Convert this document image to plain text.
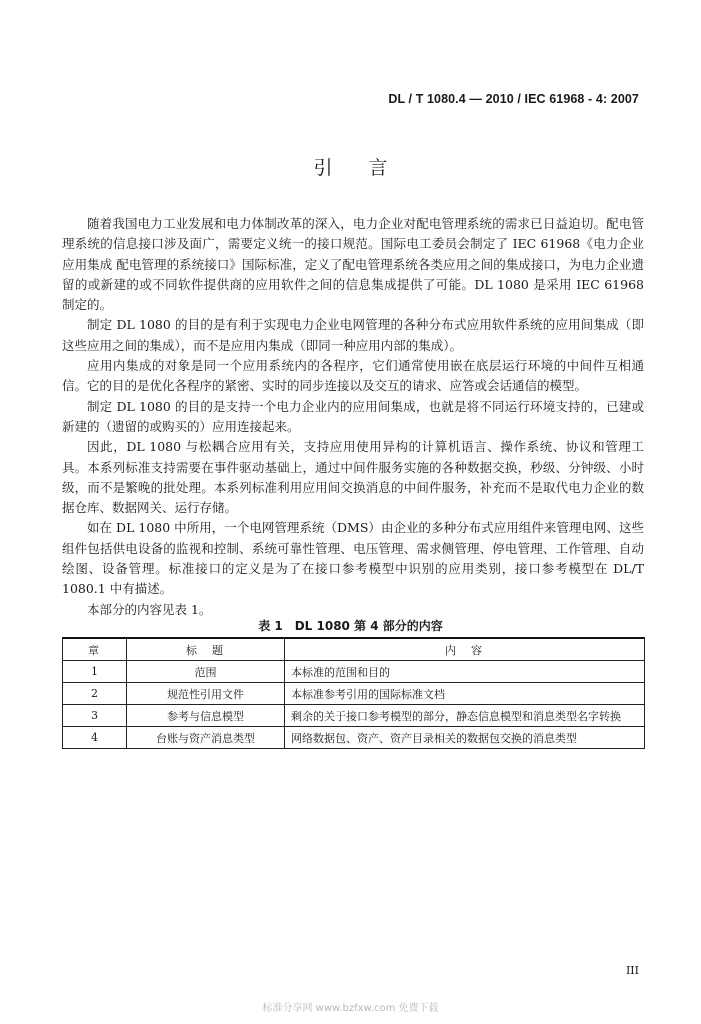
DL / T 1080.4 — 2010 / IEC 61968 - 4: 2007
引言

随着我国电力工业发展和电力体制改革的深入，电力企业对配电管理系统的需求已日益迫切。配电管理系统的信息接口涉及面广，需要定义统一的接口规范。国际电工委员会制定了 IEC 61968《电力企业应用集成 配电管理的系统接口》国际标准，定义了配电管理系统各类应用之间的集成接口，为电力企业遗留的或新建的或不同软件提供商的应用软件之间的信息集成提供了可能。DL 1080 是采用 IEC 61968 制定的。

制定 DL 1080 的目的是有利于实现电力企业电网管理的各种分布式应用软件系统的应用间集成（即这些应用之间的集成），而不是应用内集成（即同一种应用内部的集成）。

应用内集成的对象是同一个应用系统内的各程序，它们通常使用嵌在底层运行环境的中间件互相通信。它的目的是优化各程序的紧密、实时的同步连接以及交互的请求、应答或会话通信的模型。

制定 DL 1080 的目的是支持一个电力企业内的应用间集成，也就是将不同运行环境支持的，已建或新建的（遗留的或购买的）应用连接起来。

因此，DL 1080 与松耦合应用有关，支持应用使用异构的计算机语言、操作系统、协议和管理工具。本系列标准支持需要在事件驱动基础上，通过中间件服务实施的各种数据交换，秒级、分钟级、小时级，而不是繁晚的批处理。本系列标准利用应用间交换消息的中间件服务，补充而不是取代电力企业的数据仓库、数据网关、运行存储。

如在 DL 1080 中所用，一个电网管理系统（DMS）由企业的多种分布式应用组件来管理电网、这些组件包括供电设备的监视和控制、系统可靠性管理、电压管理、需求侧管理、停电管理、工作管理、自动绘图、设备管理。标准接口的定义是为了在接口参考模型中识别的应用类别，接口参考模型在 DL/T 1080.1 中有描述。

本部分的内容见表 1。

表 1　DL 1080 第 4 部分的内容
章	标　题	内　容
1	范围	本标准的范围和目的
2	规范性引用文件	本标准参考引用的国际标准文档
3	参考与信息模型	剩余的关于接口参考模型的部分，静态信息模型和消息类型名字转换
4	台账与资产消息类型	网络数据包、资产、资产目录相关的数据包交换的消息类型
III
标准分享网 www.bzfxw.com 免费下载
